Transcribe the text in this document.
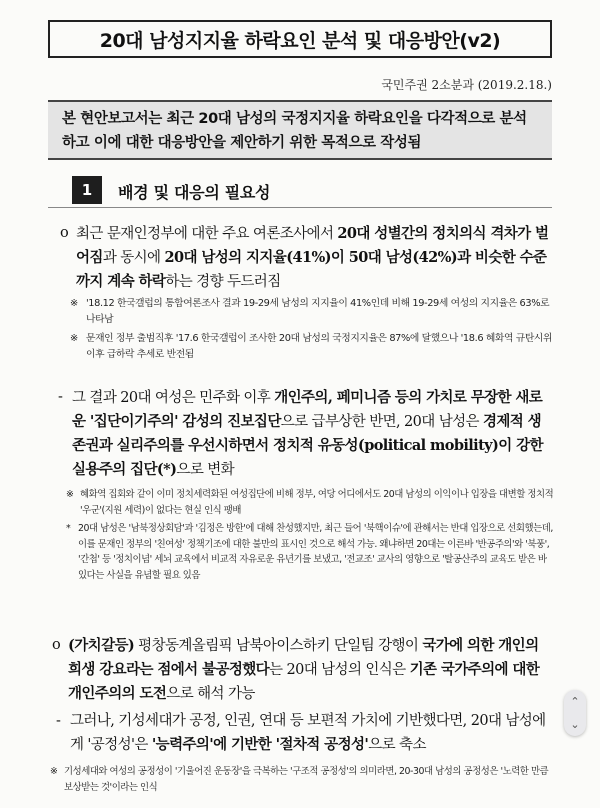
20대 남성지지율 하락요인 분석 및 대응방안(v2)
국민주권 2소분과 (2019.2.18.)
본 현안보고서는 최근 20대 남성의 국정지지율 하락요인을 다각적으로 분석하고 이에 대한 대응방안을 제안하기 위한 목적으로 작성됨
1	배경 및 대응의 필요성
o 최근 문재인정부에 대한 주요 여론조사에서 20대 성별간의 정치의식 격차가 벌어짐과 동시에 20대 남성의 지지율(41%)이 50대 남성(42%)과 비슷한 수준까지 계속 하락하는 경향 두드러짐
※ '18.12 한국갤럽의 통합여론조사 결과 19-29세 남성의 지지율이 41%인데 비해 19-29세 여성의 지지율은 63%로 나타남
※ 문재인 정부 출범직후 '17.6 한국갤럽이 조사한 20대 남성의 국정지지율은 87%에 달했으나 '18.6 혜화역 규탄시위 이후 급하락 추세로 반전됨
- 그 결과 20대 여성은 민주화 이후 개인주의, 페미니즘 등의 가치로 무장한 새로운 '집단이기주의' 감성의 진보집단으로 급부상한 반면, 20대 남성은 경제적 생존권과 실리주의를 우선시하면서 정치적 유동성(political mobility)이 강한 실용주의 집단(*)으로 변화
※ 혜화역 집회와 같이 이미 정치세력화된 여성집단에 비해 정부, 여당 어디에서도 20대 남성의 이익이나 입장을 대변할 정치적 '우군'(지원 세력)이 없다는 현실 인식 팽배
* 20대 남성은 '남북정상회담'과 '김정은 방한'에 대해 찬성했지만, 최근 들어 '북핵이슈'에 관해서는 반대 입장으로 선회했는데, 이를 문재인 정부의 '친여성' 정책기조에 대한 불만의 표시인 것으로 해석 가능. 왜냐하면 20대는 이른바 '반공주의'와 '북풍', '간첩' 등 '정치이념' 세뇌 교육에서 비교적 자유로운 유년기를 보냈고, '전교조' 교사의 영향으로 '탈공산주의 교육도 받은 바 있다는 사실을 유념할 필요 있음
o (가치갈등) 평창동계올림픽 남북아이스하키 단일팀 강행이 국가에 의한 개인의 희생 강요라는 점에서 불공정했다는 20대 남성의 인식은 기존 국가주의에 대한 개인주의의 도전으로 해석 가능
- 그러나, 기성세대가 공정, 인권, 연대 등 보편적 가치에 기반했다면, 20대 남성에게 '공정성'은 '능력주의'에 기반한 '절차적 공정성'으로 축소
※ 기성세대와 여성의 공정성이 '기울어진 운동장'을 극복하는 '구조적 공정성'의 의미라면, 20-30대 남성의 공정성은 '노력한 만큼 보상받는 것'이라는 인식
⌃
⌄
